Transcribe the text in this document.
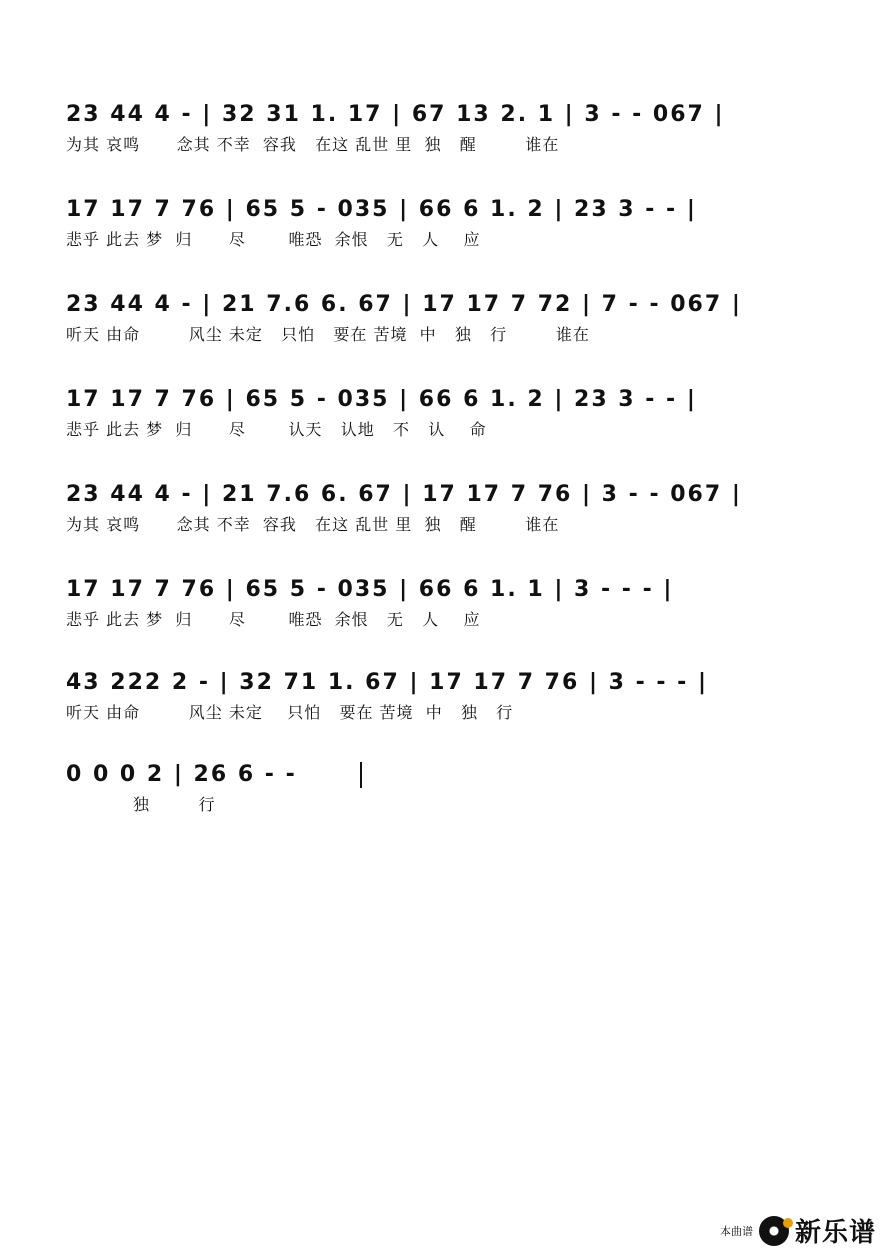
23 44 4 - | 32 31 1. 17 | 67 13 2. 1 | 3 - - 067 |
为其 哀鸣      念其 不幸  容我   在这 乱世 里  独   醒        谁在
17 17 7 76 | 65 5 - 035 | 66 6 1. 2 | 23 3 - - |
悲乎 此去 梦  归      尽       唯恐  余恨   无   人    应
23 44 4 - | 21 7.6 6. 67 | 17 17 7 72 | 7 - - 067 |
听天 由命        风尘 未定   只怕   要在 苦境  中   独   行        谁在
17 17 7 76 | 65 5 - 035 | 66 6 1. 2 | 23 3 - - |
悲乎 此去 梦  归      尽       认天   认地   不   认    命
23 44 4 - | 21 7.6 6. 67 | 17 17 7 76 | 3 - - 067 |
为其 哀鸣      念其 不幸  容我   在这 乱世 里  独   醒        谁在
17 17 7 76 | 65 5 - 035 | 66 6 1. 1 | 3 - - - |
悲乎 此去 梦  归      尽       唯恐  余恨   无   人    应
43 222 2 - | 32 71 1. 67 | 17 17 7 76 | 3 - - - |
听天 由命        风尘 未定    只怕   要在 苦境  中   独   行
0 0 0 2 | 26 6 - -
独        行
本曲谱 新乐谱
